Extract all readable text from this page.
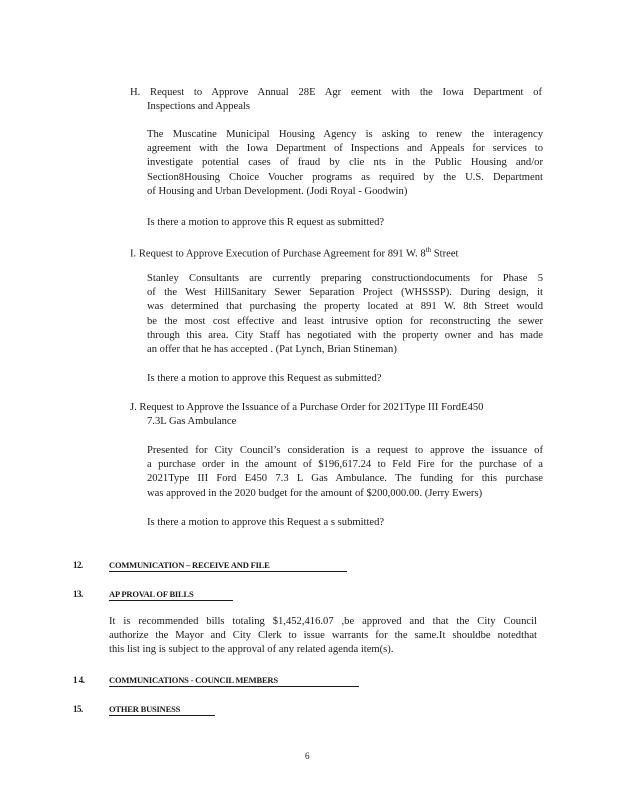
H. Request to Approve Annual 28E Agr eement with the Iowa Department of
Inspections and Appeals
The Muscatine Municipal Housing Agency is asking to renew the interagency
agreement with the Iowa Department of Inspections and Appeals for services to
investigate potential cases of fraud by clie nts in the Public Housing and/or
Section8Housing Choice Voucher programs as required by the U.S. Department
of Housing and Urban Development. (Jodi Royal - Goodwin)
Is there a motion to approve this R equest as submitted?
I. Request to Approve Execution of Purchase Agreement for 891 W. 8th Street
Stanley Consultants are currently preparing constructiondocuments for Phase 5
of the West HillSanitary Sewer Separation Project (WHSSSP). During design, it
was determined that purchasing the property located at 891 W. 8th Street would
be the most cost effective and least intrusive option for reconstructing the sewer
through this area. City Staff has negotiated with the property owner and has made
an offer that he has accepted . (Pat Lynch, Brian Stineman)
Is there a motion to approve this Request as submitted?
J. Request to Approve the Issuance of a Purchase Order for 2021Type III FordE450
7.3L Gas Ambulance
Presented for City Council’s consideration is a request to approve the issuance of
a purchase order in the amount of $196,617.24 to Feld Fire for the purchase of a
2021Type III Ford E450 7.3 L Gas Ambulance. The funding for this purchase
was approved in the 2020 budget for the amount of $200,000.00. (Jerry Ewers)
Is there a motion to approve this Request a s submitted?
12.	COMMUNICATION – RECEIVE AND FILE
13.	AP PROVAL OF BILLS
It is recommended bills totaling $1,452,416.07 ,be approved and that the City Council
authorize the Mayor and City Clerk to issue warrants for the same.It shouldbe notedthat
this list ing is subject to the approval of any related agenda item(s).
1 4.	COMMUNICATIONS - COUNCIL MEMBERS
15.	OTHER BUSINESS
6
